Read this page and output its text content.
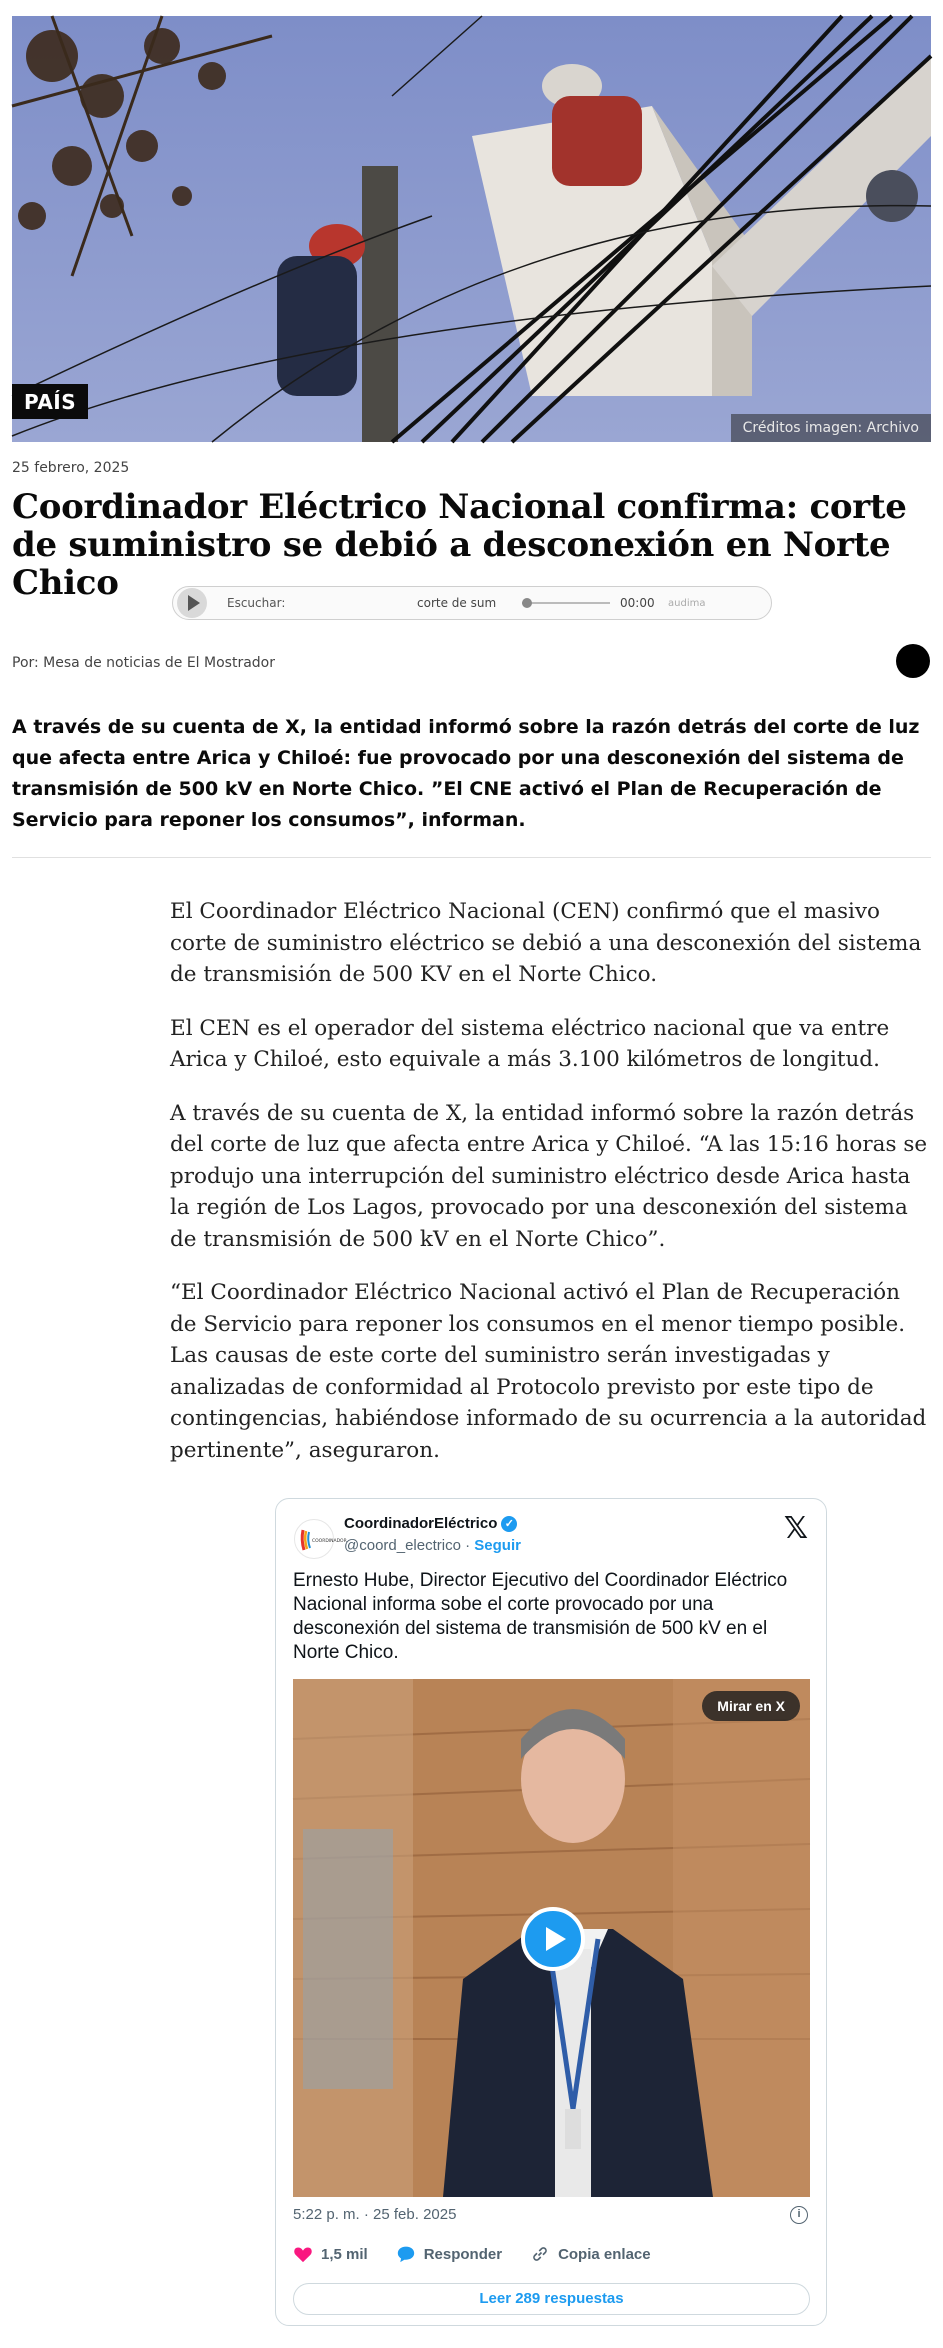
PAÍS
Créditos imagen: Archivo
25 febrero, 2025
Coordinador Eléctrico Nacional confirma: corte de suministro se debió a desconexión en Norte Chico	Escuchar:	corte de sum	00:00	audima
Por: Mesa de noticias de El Mostrador

A través de su cuenta de X, la entidad informó sobre la razón detrás del corte de luz que afecta entre Arica y Chiloé: fue provocado por una desconexión del sistema de transmisión de 500 kV en Norte Chico. ”El CNE activó el Plan de Recuperación de Servicio para reponer los consumos”, informan.

El Coordinador Eléctrico Nacional (CEN) confirmó que el masivo corte de suministro eléctrico se debió a una desconexión del sistema de transmisión de 500 KV en el Norte Chico.

El CEN es el operador del sistema eléctrico nacional que va entre Arica y Chiloé, esto equivale a más 3.100 kilómetros de longitud.

A través de su cuenta de X, la entidad informó sobre la razón detrás del corte de luz que afecta entre Arica y Chiloé. “A las 15:16 horas se produjo una interrupción del suministro eléctrico desde Arica hasta la región de Los Lagos, provocado por una desconexión del sistema de transmisión de 500 kV en el Norte Chico”.

“El Coordinador Eléctrico Nacional activó el Plan de Recuperación de Servicio para reponer los consumos en el menor tiempo posible. Las causas de este corte del suministro serán investigadas y analizadas de conformidad al Protocolo previsto por este tipo de contingencias, habiéndose informado de su ocurrencia a la autoridad pertinente”, aseguraron.

COORDINADOR
CoordinadorEléctrico ✓
@coord_electrico · Seguir	𝕏
Ernesto Hube, Director Ejecutivo del Coordinador Eléctrico Nacional informa sobe el corte provocado por una desconexión del sistema de transmisión de 500 kV en el Norte Chico.
Mirar en X
5:22 p. m. · 25 feb. 2025	i
1,5 mil	Responder	Copia enlace
Leer 289 respuestas
